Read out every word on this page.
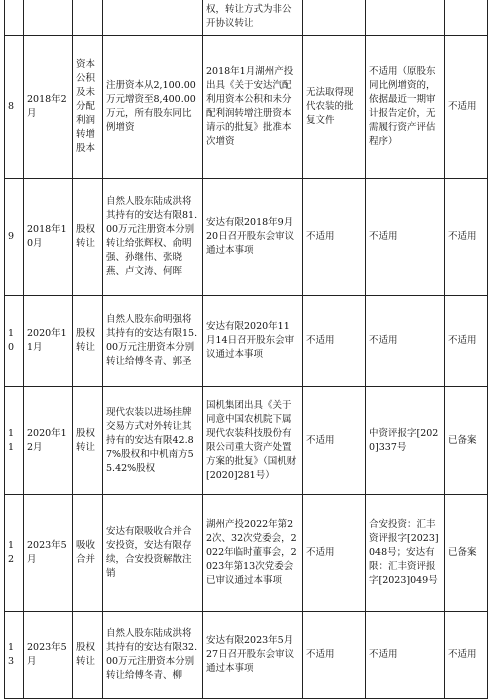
				权，转让方式为非公开协议转让			
8	2018年2月	资本公积及未分配利润转增股本	注册资本从2,100.00万元增资至8,400.00万元，所有股东同比例增资	2018年1月湖州产投出具《关于安达汽配利用资本公积和未分配利润转增注册资本请示的批复》批准本次增资	无法取得现代农装的批复文件	不适用（原股东同比例增资的，依据最近一期审计报告定价，无需履行资产评估程序）	不适用
9	2018年10月	股权转让	自然人股东陆成洪将其持有的安达有限81.00万元注册资本分别转让给张辉权、俞明强、孙继伟、张晓燕、卢文涛、何晖	安达有限2018年9月20日召开股东会审议通过本事项	不适用	不适用	不适用
10	2020年11月	股权转让	自然人股东俞明强将其持有的安达有限15.00万元注册资本分别转让给傅冬青、郭圣	安达有限2020年11月14日召开股东会审议通过本事项	不适用	不适用	不适用
11	2020年12月	股权转让	现代农装以进场挂牌交易方式对外转让其持有的安达有限42.87%股权和中机南方55.42%股权	国机集团出具《关于同意中国农机院下属现代农装科技股份有限公司重大资产处置方案的批复》（国机财[2020]281号）	不适用	中资评报字[2020]337号	已备案
12	2023年5月	吸收合并	安达有限吸收合并合安投资，安达有限存续，合安投资解散注销	湖州产投2022年第22次、32次党委会，2022年临时董事会，2023年第13次党委会已审议通过本事项	不适用	合安投资：汇丰资评报字[2023]048号；安达有限：汇丰资评报字[2023]049号	已备案
13	2023年5月	股权转让	自然人股东陆成洪将其持有的安达有限32.00万元注册资本分别转让给傅冬青、柳	安达有限2023年5月27日召开股东会审议通过本事项	不适用	不适用	不适用
